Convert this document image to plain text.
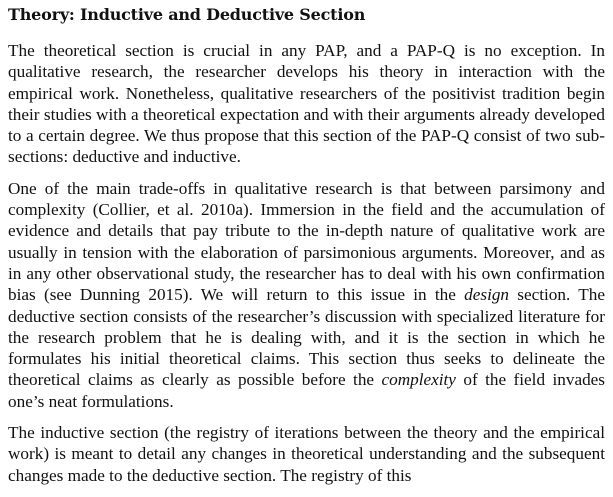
Theory: Inductive and Deductive Section

The theoretical section is crucial in any PAP, and a PAP-Q is no exception. In qualitative research, the researcher develops his theory in interaction with the empirical work. Nonetheless, qualitative researchers of the positivist tradition begin their studies with a theoretical expectation and with their arguments already developed to a certain degree. We thus propose that this section of the PAP-Q consist of two sub-sections: deductive and inductive.

One of the main trade-offs in qualitative research is that between parsimony and complexity (Collier, et al. 2010a). Immersion in the field and the accumulation of evidence and details that pay tribute to the in-depth nature of qualitative work are usually in tension with the elaboration of parsimonious arguments. Moreover, and as in any other observational study, the researcher has to deal with his own confirmation bias (see Dunning 2015). We will return to this issue in the design section. The deductive section consists of the researcher’s discussion with specialized literature for the research problem that he is dealing with, and it is the section in which he formulates his initial theoretical claims. This section thus seeks to delineate the theoretical claims as clearly as possible before the complexity of the field invades one’s neat formulations.

The inductive section (the registry of iterations between the theory and the empirical work) is meant to detail any changes in theoretical understanding and the subsequent changes made to the deductive section. The registry of this
